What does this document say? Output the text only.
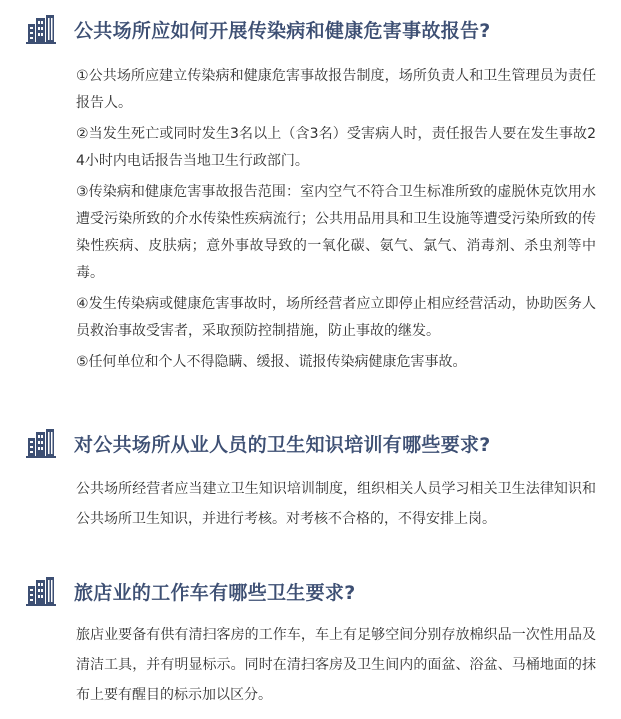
公共场所应如何开展传染病和健康危害事故报告?

①公共场所应建立传染病和健康危害事故报告制度，场所负责人和卫生管理员为责任报告人。

②当发生死亡或同时发生3名以上（含3名）受害病人时，责任报告人要在发生事故24小时内电话报告当地卫生行政部门。

③传染病和健康危害事故报告范围：室内空气不符合卫生标准所致的虚脱休克饮用水遭受污染所致的介水传染性疾病流行；公共用品用具和卫生设施等遭受污染所致的传染性疾病、皮肤病；意外事故导致的一氧化碳、氨气、氯气、消毒剂、杀虫剂等中毒。

④发生传染病或健康危害事故时，场所经营者应立即停止相应经营活动，协助医务人员救治事故受害者，采取预防控制措施，防止事故的继发。

⑤任何单位和个人不得隐瞒、缓报、谎报传染病健康危害事故。

对公共场所从业人员的卫生知识培训有哪些要求?

公共场所经营者应当建立卫生知识培训制度，组织相关人员学习相关卫生法律知识和公共场所卫生知识，并进行考核。对考核不合格的，不得安排上岗。

旅店业的工作车有哪些卫生要求?

旅店业要备有供有清扫客房的工作车，车上有足够空间分别存放棉织品一次性用品及清洁工具，并有明显标示。同时在清扫客房及卫生间内的面盆、浴盆、马桶地面的抹布上要有醒目的标示加以区分。
